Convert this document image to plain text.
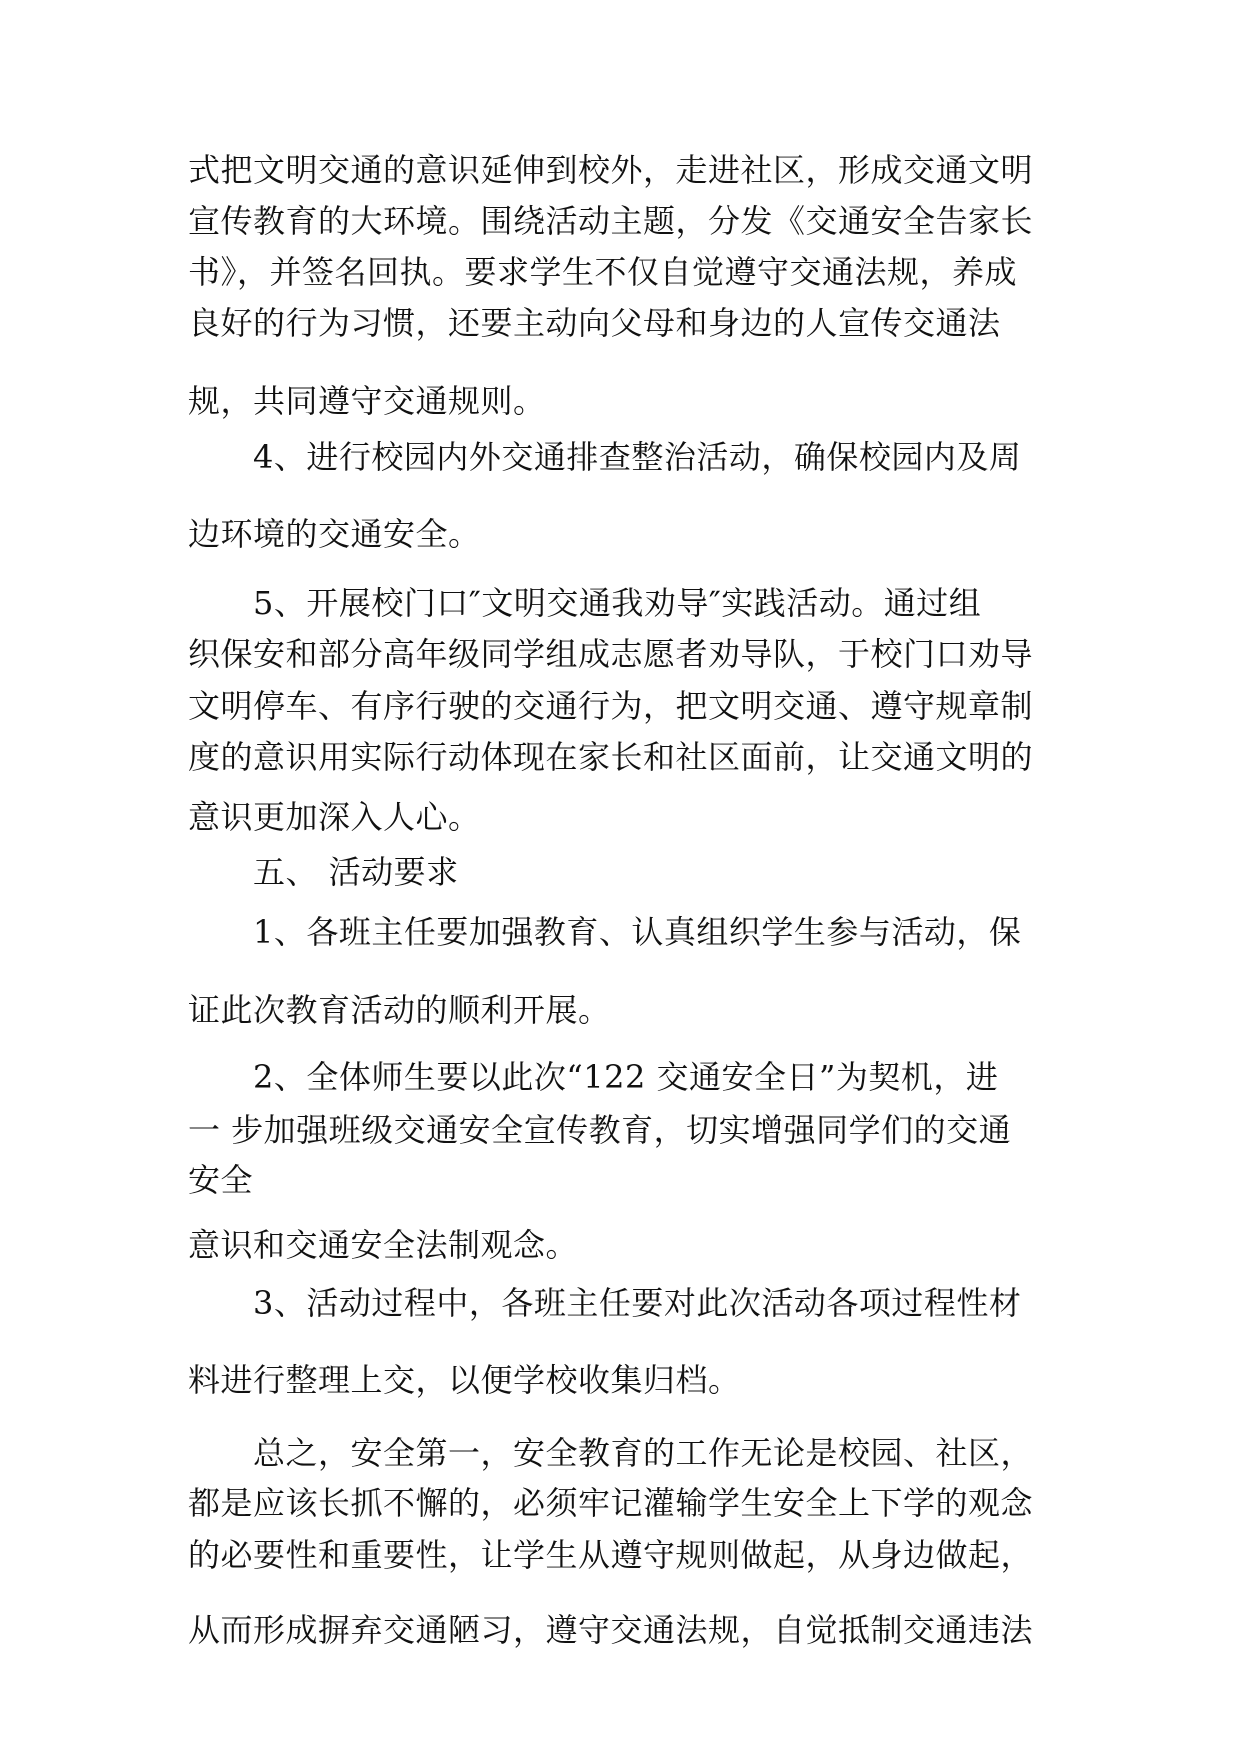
式把文明交通的意识延伸到校外，走进社区，形成交通文明
宣传教育的大环境。围绕活动主题，分发《交通安全告家长
书》，并签名回执。要求学生不仅自觉遵守交通法规，养成
良好的行为习惯，还要主动向父母和身边的人宣传交通法
规，共同遵守交通规则。
4、进行校园内外交通排查整治活动，确保校园内及周
边环境的交通安全。
5、开展校门口″文明交通我劝导″实践活动。通过组
织保安和部分高年级同学组成志愿者劝导队，于校门口劝导
文明停车、有序行驶的交通行为，把文明交通、遵守规章制
度的意识用实际行动体现在家长和社区面前，让交通文明的
意识更加深入人心。
五、 活动要求
1、各班主任要加强教育、认真组织学生参与活动，保
证此次教育活动的顺利开展。
2、全体师生要以此次“122 交通安全日”为契机，进
一 步加强班级交通安全宣传教育，切实增强同学们的交通
安全
意识和交通安全法制观念。
3、活动过程中，各班主任要对此次活动各项过程性材
料进行整理上交，以便学校收集归档。
总之，安全第一，安全教育的工作无论是校园、社区，
都是应该长抓不懈的，必须牢记灌输学生安全上下学的观念
的必要性和重要性，让学生从遵守规则做起，从身边做起，
从而形成摒弃交通陋习，遵守交通法规，自觉抵制交通违法
